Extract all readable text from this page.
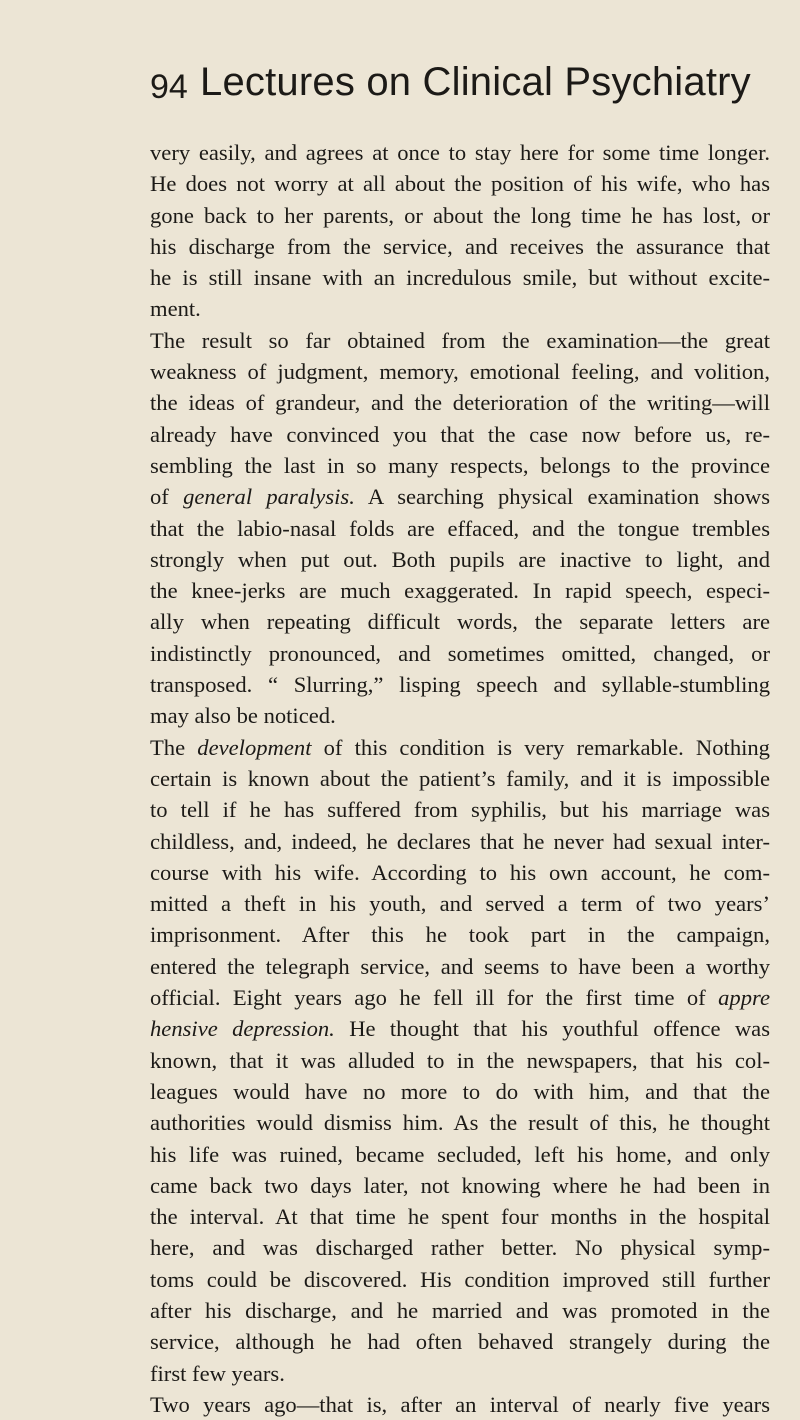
94 Lectures on Clinical Psychiatry
very easily, and agrees at once to stay here for some time longer.
He does not worry at all about the position of his wife, who has
gone back to her parents, or about the long time he has lost, or
his discharge from the service, and receives the assurance that
he is still insane with an incredulous smile, but without excite-
ment.
The result so far obtained from the examination—the great
weakness of judgment, memory, emotional feeling, and volition,
the ideas of grandeur, and the deterioration of the writing—will
already have convinced you that the case now before us, re-
sembling the last in so many respects, belongs to the province
of general paralysis. A searching physical examination shows
that the labio-nasal folds are effaced, and the tongue trembles
strongly when put out. Both pupils are inactive to light, and
the knee-jerks are much exaggerated. In rapid speech, especi-
ally when repeating difficult words, the separate letters are
indistinctly pronounced, and sometimes omitted, changed, or
transposed. “ Slurring,” lisping speech and syllable-stumbling
may also be noticed.
The development of this condition is very remarkable. Nothing
certain is known about the patient’s family, and it is impossible
to tell if he has suffered from syphilis, but his marriage was
childless, and, indeed, he declares that he never had sexual inter-
course with his wife. According to his own account, he com-
mitted a theft in his youth, and served a term of two years’
imprisonment. After this he took part in the campaign,
entered the telegraph service, and seems to have been a worthy
official. Eight years ago he fell ill for the first time of appre
hensive depression. He thought that his youthful offence was
known, that it was alluded to in the newspapers, that his col-
leagues would have no more to do with him, and that the
authorities would dismiss him. As the result of this, he thought
his life was ruined, became secluded, left his home, and only
came back two days later, not knowing where he had been in
the interval. At that time he spent four months in the hospital
here, and was discharged rather better. No physical symp-
toms could be discovered. His condition improved still further
after his discharge, and he married and was promoted in the
service, although he had often behaved strangely during the
first few years.
Two years ago—that is, after an interval of nearly five years
